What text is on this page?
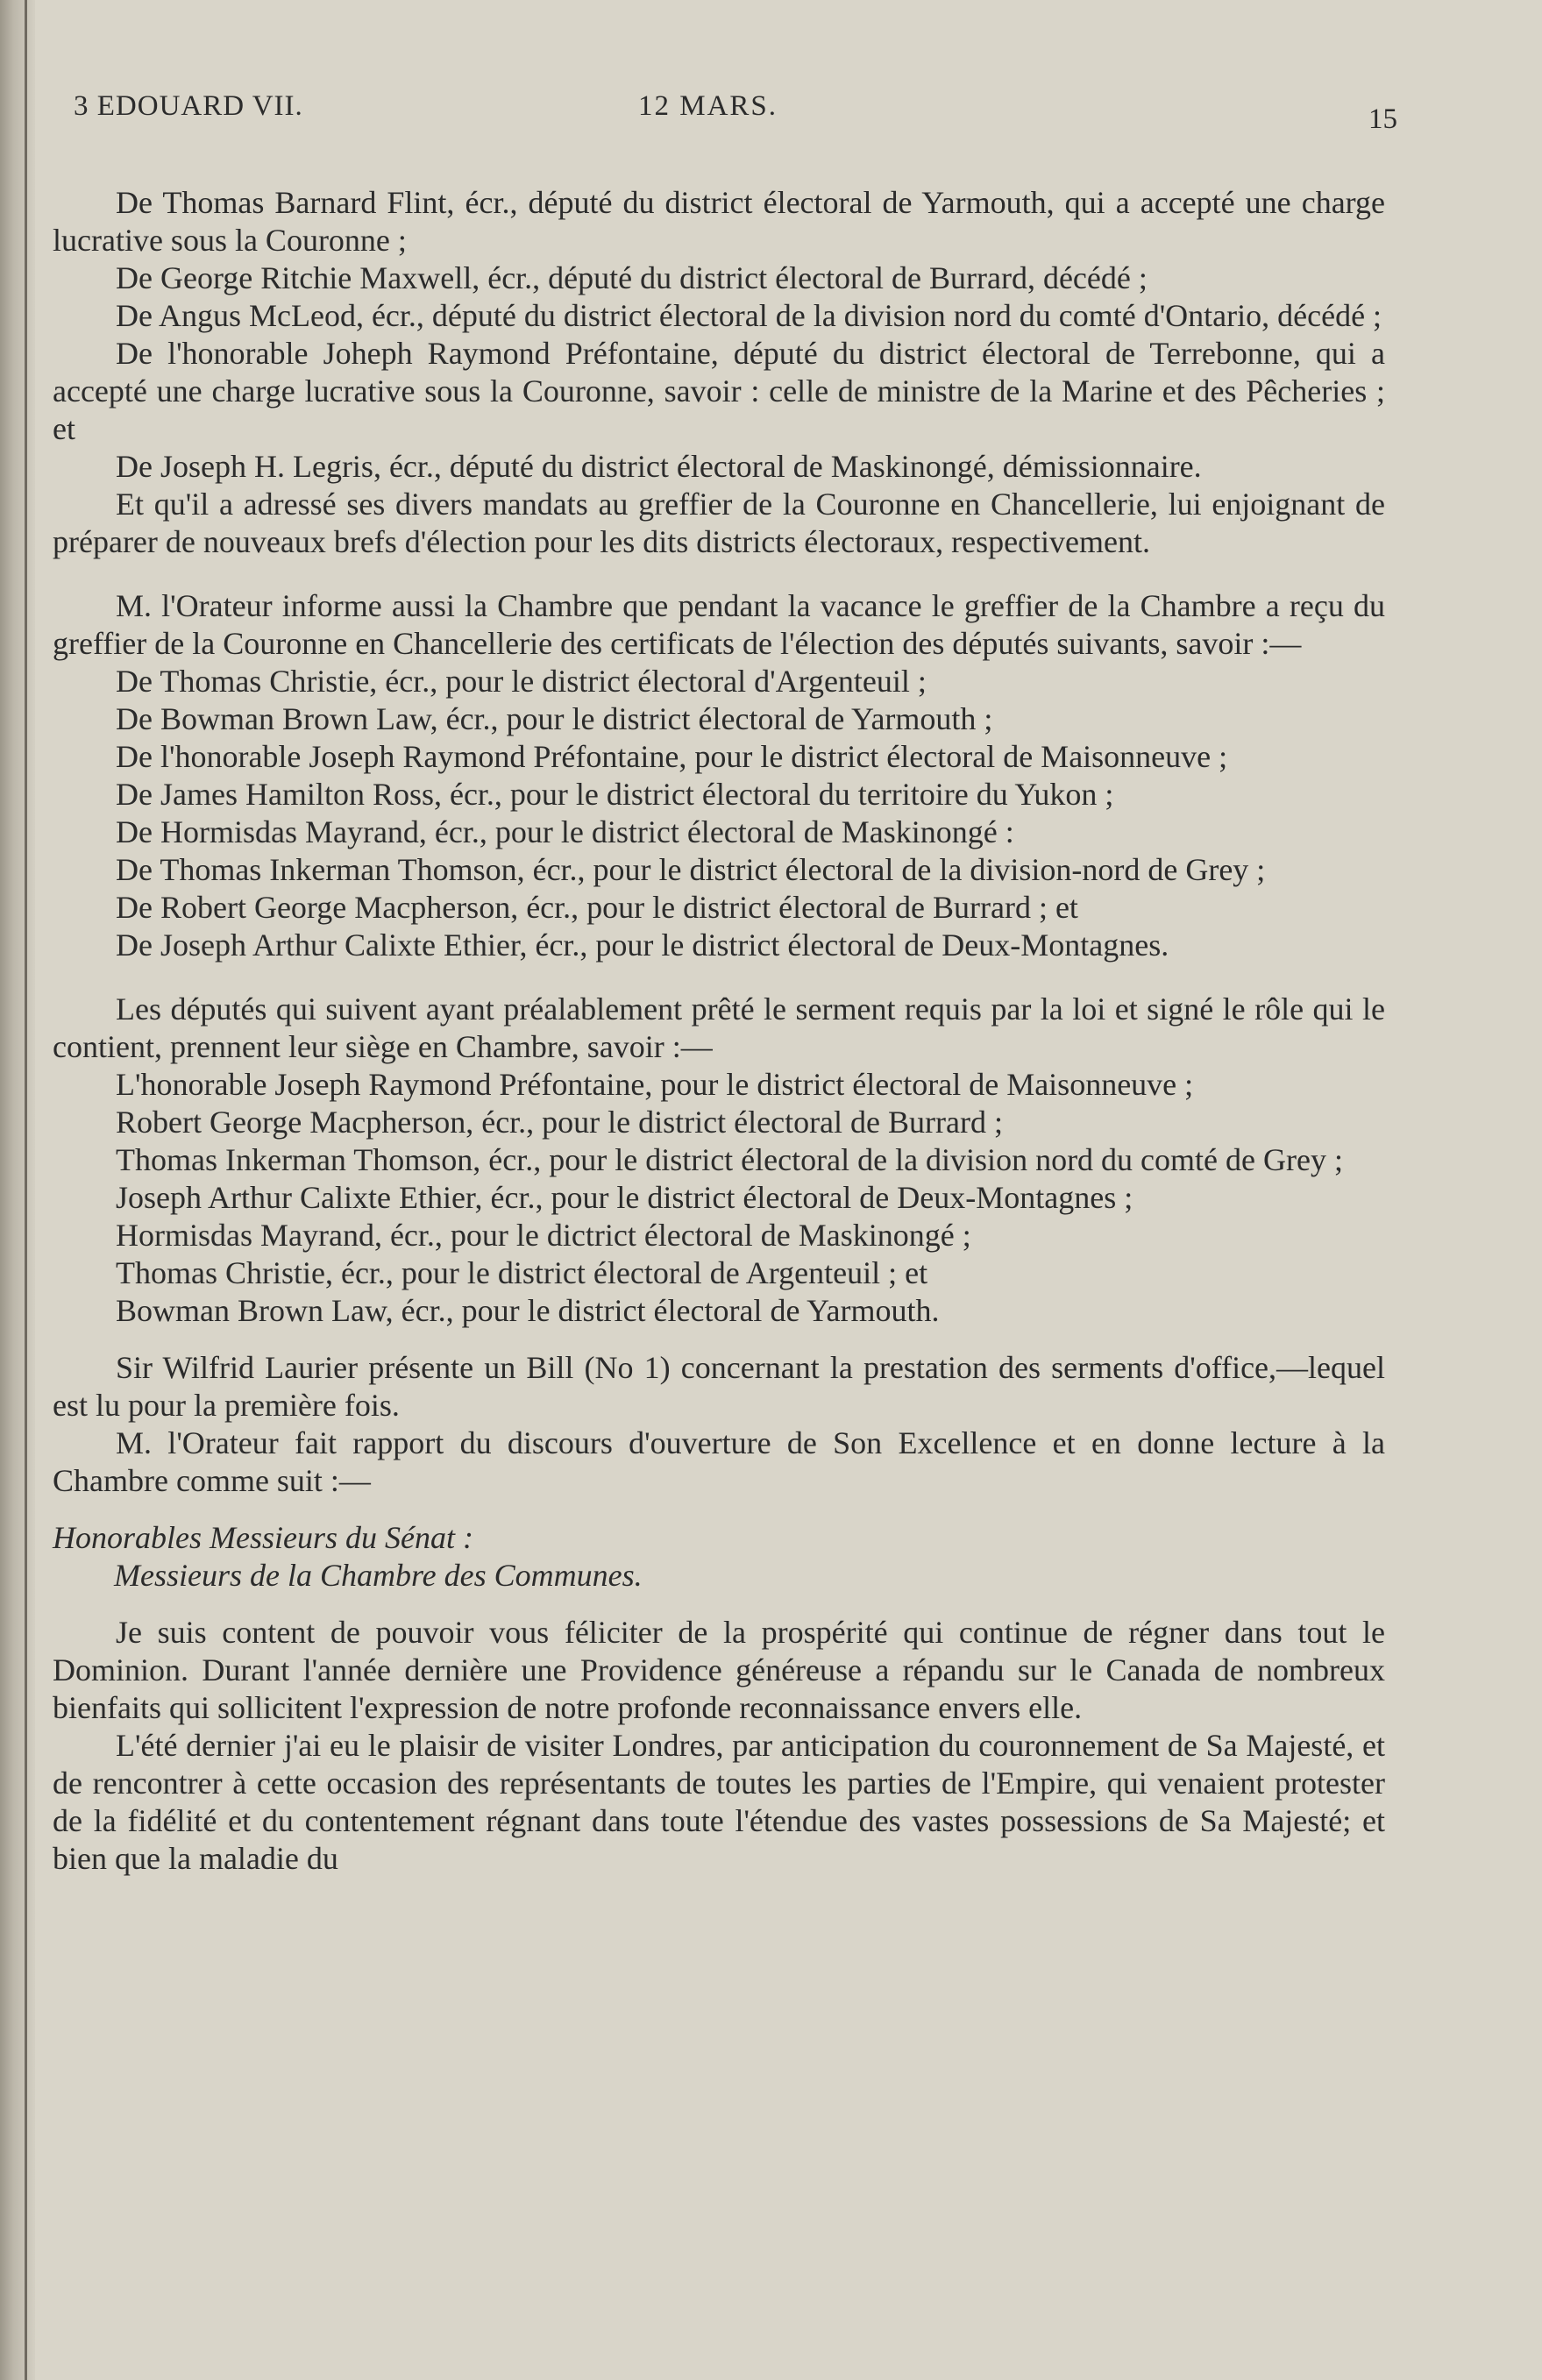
3 EDOUARD VII.	12 MARS.	15

De Thomas Barnard Flint, écr., député du district électoral de Yarmouth, qui a accepté une charge lucrative sous la Couronne ;

De George Ritchie Maxwell, écr., député du district électoral de Burrard, décédé ;

De Angus McLeod, écr., député du district électoral de la division nord du comté d'Ontario, décédé ;

De l'honorable Joheph Raymond Préfontaine, député du district électoral de Terrebonne, qui a accepté une charge lucrative sous la Couronne, savoir : celle de ministre de la Marine et des Pêcheries ; et

De Joseph H. Legris, écr., député du district électoral de Maskinongé, démissionnaire.

Et qu'il a adressé ses divers mandats au greffier de la Couronne en Chancellerie, lui enjoignant de préparer de nouveaux brefs d'élection pour les dits districts électoraux, respectivement.

M. l'Orateur informe aussi la Chambre que pendant la vacance le greffier de la Chambre a reçu du greffier de la Couronne en Chancellerie des certificats de l'élection des députés suivants, savoir :—

De Thomas Christie, écr., pour le district électoral d'Argenteuil ;

De Bowman Brown Law, écr., pour le district électoral de Yarmouth ;

De l'honorable Joseph Raymond Préfontaine, pour le district électoral de Maisonneuve ;

De James Hamilton Ross, écr., pour le district électoral du territoire du Yukon ;

De Hormisdas Mayrand, écr., pour le district électoral de Maskinongé :

De Thomas Inkerman Thomson, écr., pour le district électoral de la division-nord de Grey ;

De Robert George Macpherson, écr., pour le district électoral de Burrard ; et

De Joseph Arthur Calixte Ethier, écr., pour le district électoral de Deux-Montagnes.

Les députés qui suivent ayant préalablement prêté le serment requis par la loi et signé le rôle qui le contient, prennent leur siège en Chambre, savoir :—

L'honorable Joseph Raymond Préfontaine, pour le district électoral de Maisonneuve ;

Robert George Macpherson, écr., pour le district électoral de Burrard ;

Thomas Inkerman Thomson, écr., pour le district électoral de la division nord du comté de Grey ;

Joseph Arthur Calixte Ethier, écr., pour le district électoral de Deux-Montagnes ;

Hormisdas Mayrand, écr., pour le dictrict électoral de Maskinongé ;

Thomas Christie, écr., pour le district électoral de Argenteuil ; et

Bowman Brown Law, écr., pour le district électoral de Yarmouth.

Sir Wilfrid Laurier présente un Bill (No 1) concernant la prestation des serments d'office,—lequel est lu pour la première fois.

M. l'Orateur fait rapport du discours d'ouverture de Son Excellence et en donne lecture à la Chambre comme suit :—

Honorables Messieurs du Sénat :

Messieurs de la Chambre des Communes.

Je suis content de pouvoir vous féliciter de la prospérité qui continue de régner dans tout le Dominion. Durant l'année dernière une Providence généreuse a répandu sur le Canada de nombreux bienfaits qui sollicitent l'expression de notre profonde reconnaissance envers elle.

L'été dernier j'ai eu le plaisir de visiter Londres, par anticipation du couronnement de Sa Majesté, et de rencontrer à cette occasion des représentants de toutes les parties de l'Empire, qui venaient protester de la fidélité et du contentement régnant dans toute l'étendue des vastes possessions de Sa Majesté; et bien que la maladie du
